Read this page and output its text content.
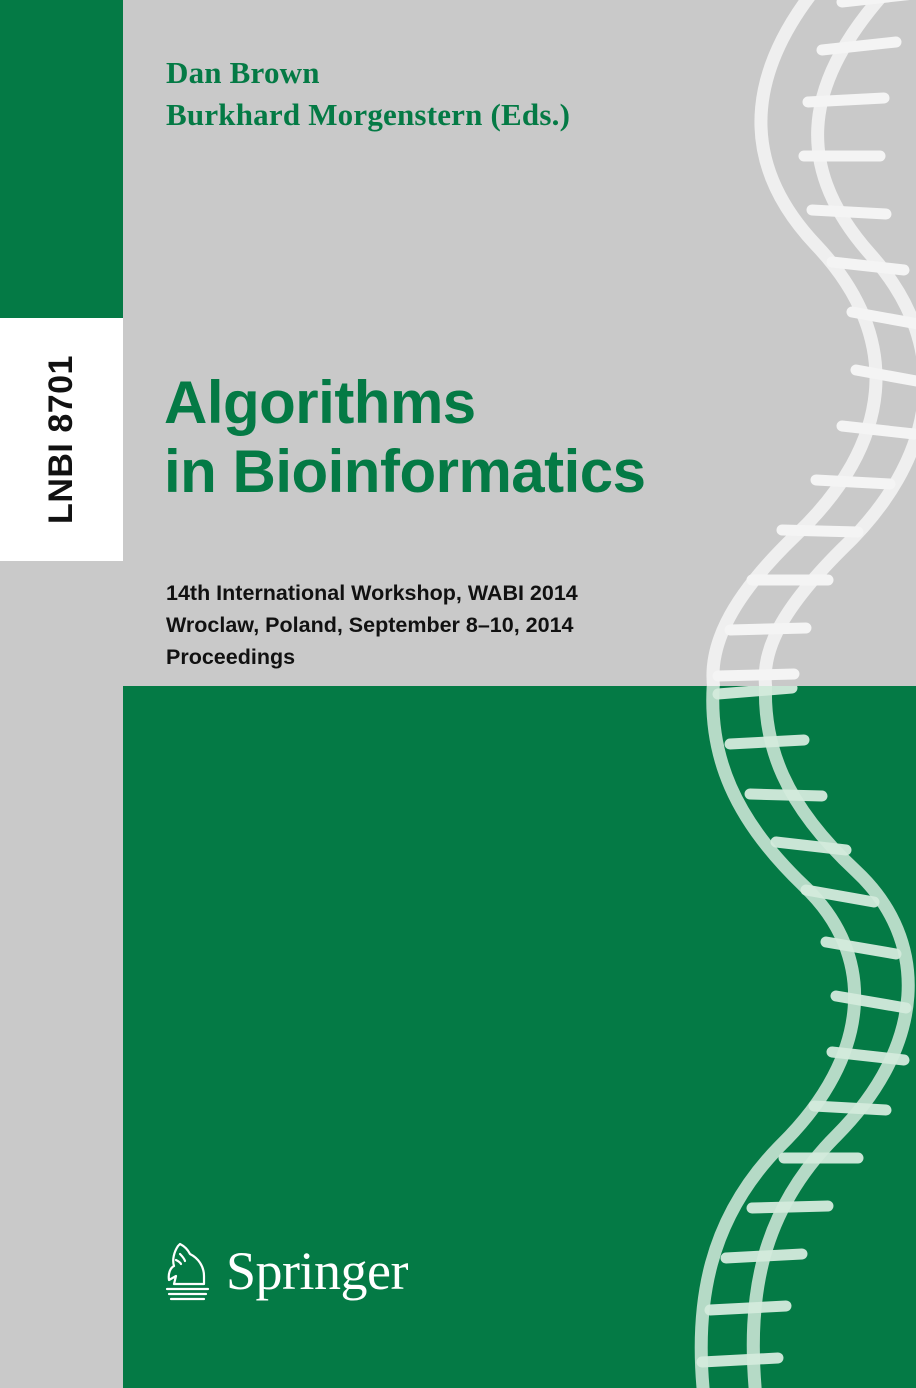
LNBI 8701
Dan Brown
Burkhard Morgenstern (Eds.)
Algorithms
in Bioinformatics
14th International Workshop, WABI 2014
Wroclaw, Poland, September 8–10, 2014
Proceedings
Springer
